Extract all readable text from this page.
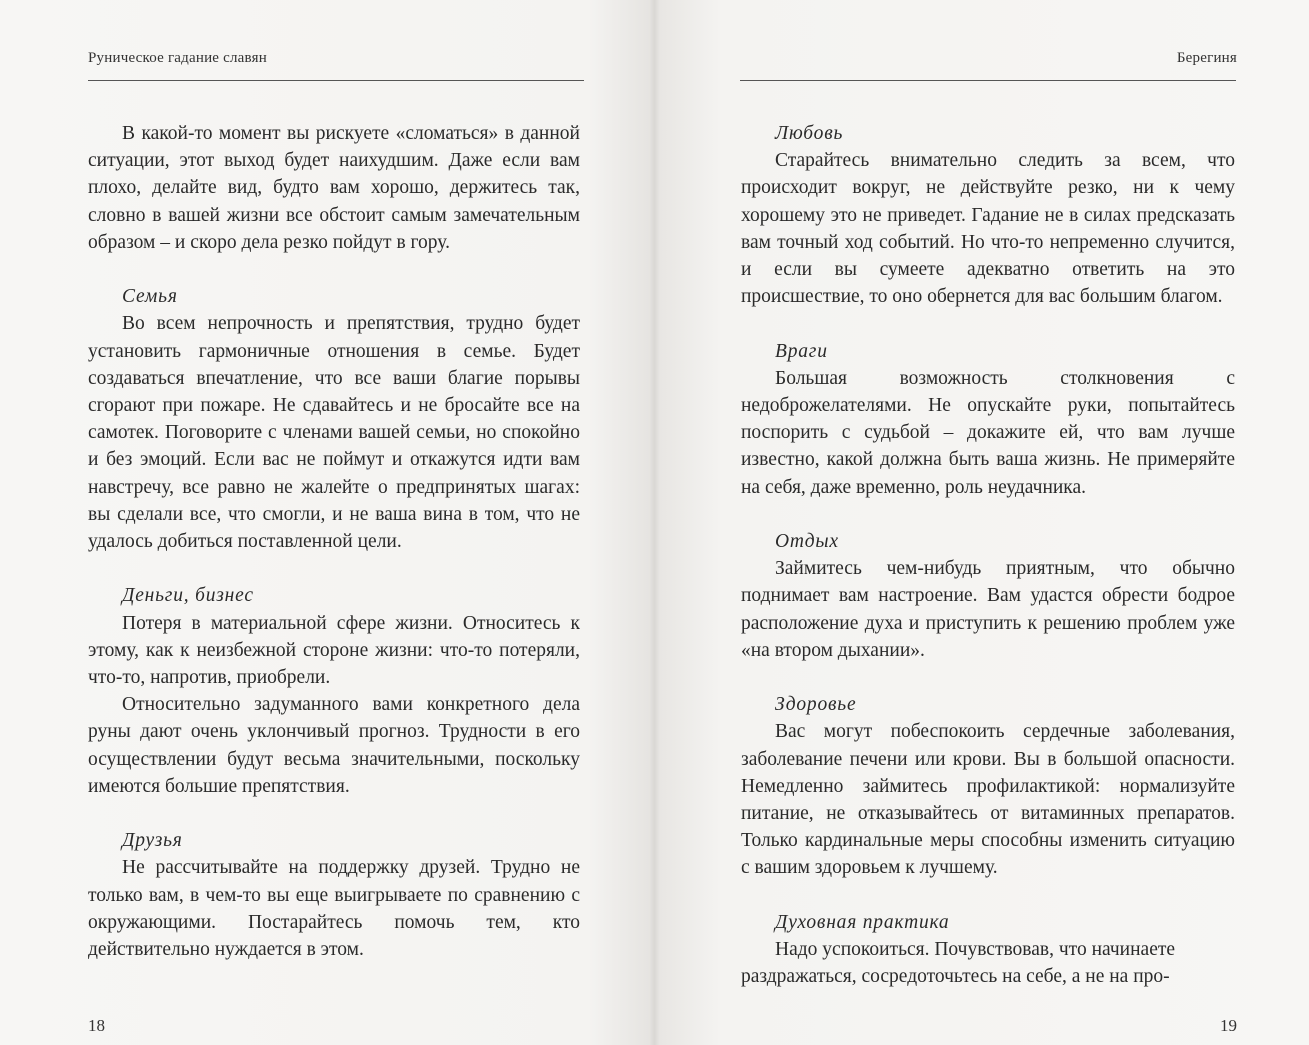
Руническое гадание славян

В какой-то момент вы рискуете «сломаться» в данной ситуации, этот выход будет наихудшим. Даже если вам плохо, делайте вид, будто вам хорошо, держитесь так, словно в вашей жизни все обстоит самым замечательным образом – и скоро дела резко пойдут в гору.

Семья

Во всем непрочность и препятствия, трудно будет установить гармоничные отношения в семье. Будет создаваться впечатление, что все ваши благие порывы сгорают при пожаре. Не сдавайтесь и не бросайте все на самотек. Поговорите с членами вашей семьи, но спокойно и без эмоций. Если вас не поймут и откажутся идти вам навстречу, все равно не жалейте о предпринятых шагах: вы сделали все, что смогли, и не ваша вина в том, что не удалось добиться поставленной цели.

Деньги, бизнес

Потеря в материальной сфере жизни. Относитесь к этому, как к неизбежной стороне жизни: что-то потеряли, что-то, напротив, приобрели.

Относительно задуманного вами конкретного дела руны дают очень уклончивый прогноз. Трудности в его осуществлении будут весьма значительными, поскольку имеются большие препятствия.

Друзья

Не рассчитывайте на поддержку друзей. Трудно не только вам, в чем-то вы еще выигрываете по сравнению с окружающими. Постарайтесь помочь тем, кто действительно нуждается в этом.

18
Берегиня

Любовь

Старайтесь внимательно следить за всем, что происходит вокруг, не действуйте резко, ни к чему хорошему это не приведет. Гадание не в силах предсказать вам точный ход событий. Но что-то непременно случится, и если вы сумеете адекватно ответить на это происшествие, то оно обернется для вас большим благом.

Враги

Большая возможность столкновения с недоброжелателями. Не опускайте руки, попытайтесь поспорить с судьбой – докажите ей, что вам лучше известно, какой должна быть ваша жизнь. Не примеряйте на себя, даже временно, роль неудачника.

Отдых

Займитесь чем-нибудь приятным, что обычно поднимает вам настроение. Вам удастся обрести бодрое расположение духа и приступить к решению проблем уже «на втором дыхании».

Здоровье

Вас могут побеспокоить сердечные заболевания, заболевание печени или крови. Вы в большой опасности. Немедленно займитесь профилактикой: нормализуйте питание, не отказывайтесь от витаминных препаратов. Только кардинальные меры способны изменить ситуацию с вашим здоровьем к лучшему.

Духовная практика

Надо успокоиться. Почувствовав, что начинаете раздражаться, сосредоточьтесь на себе, а не на про-

19
